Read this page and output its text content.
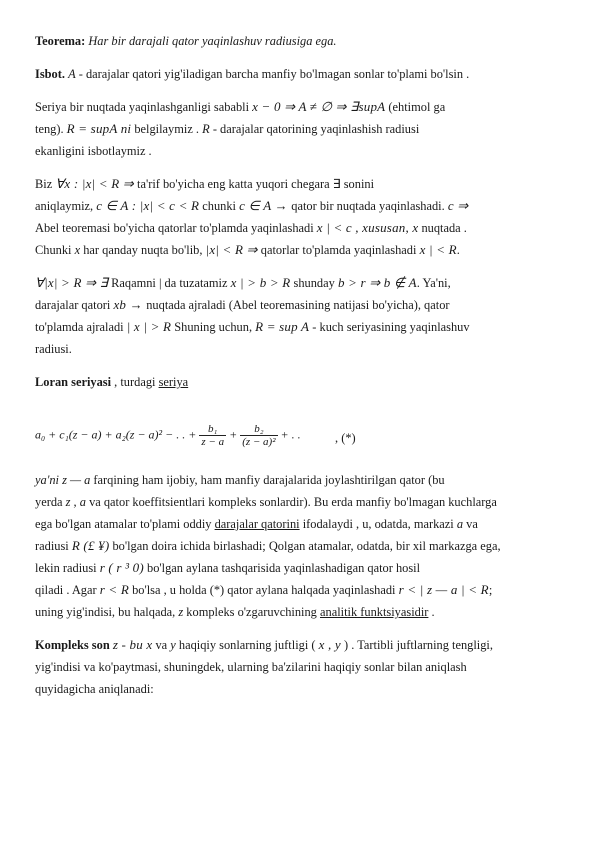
Teorema: Har bir darajali qator yaqinlashuv radiusiga ega.

Isbot. A - darajalar qatori yig'iladigan barcha manfiy bo'lmagan sonlar to'plami bo'lsin .

Seriya bir nuqtada yaqinlashganligi sababli x − 0 ⇒ A ≠ ∅ ⇒ ∃supA (ehtimol ga
teng). R = supA ni belgilaymiz . R - darajalar qatorining yaqinlashish radiusi
ekanligini isbotlaymiz .

Biz ∀x : |x| < R ⇒ ta'rif bo'yicha eng katta yuqori chegara ∃ sonini
aniqlaymiz, c ∈ A : |x| < c < R chunki c ∈ A → qator bir nuqtada yaqinlashadi. c ⇒
Abel teoremasi bo'yicha qatorlar to'plamda yaqinlashadi x | < c , xususan, x nuqtada .
Chunki x har qanday nuqta bo'lib, |x| < R ⇒ qatorlar to'plamda yaqinlashadi x | < R.

∀|x| > R ⇒ ∃ Raqamni | da tuzatamiz x | > b > R shunday b > r ⇒ b ∉ A. Ya'ni,
darajalar qatori xb → nuqtada ajraladi (Abel teoremasining natijasi bo'yicha), qator
to'plamda ajraladi | x | > R Shuning uchun, R = sup A - kuch seriyasining yaqinlashuv
radiusi.

Loran seriyasi , turdagi seriya

a₀ + c₁(z − a) + a₂(z − a)² − . . + $\frac{\text{b₁}}{z - a} + \frac{\text{b₂}}{\text{(z − a)²}}$ + . .	, (*)

ya'ni z — a farqining ham ijobiy, ham manfiy darajalarida joylashtirilgan qator (bu
yerda z , a va qator koeffitsientlari kompleks sonlardir). Bu erda manfiy bo'lmagan kuchlarga
ega bo'lgan atamalar to'plami oddiy darajalar qatorini ifodalaydi , u, odatda, markazi a va
radiusi R (£ ¥) bo'lgan doira ichida birlashadi; Qolgan atamalar, odatda, bir xil markazga ega,
lekin radiusi r ( r ³ 0) bo'lgan aylana tashqarisida yaqinlashadigan qator hosil
qiladi . Agar r < R bo'lsa , u holda (*) qator aylana halqada yaqinlashadi r < | z — a | < R;
uning yig'indisi, bu halqada, z kompleks o'zgaruvchining analitik funktsiyasidir .

Kompleks son z - bu x va y haqiqiy sonlarning juftligi ( x , y ) . Tartibli juftlarning tengligi,
yig'indisi va ko'paytmasi, shuningdek, ularning ba'zilarini haqiqiy sonlar bilan aniqlash
quyidagicha aniqlanadi:
